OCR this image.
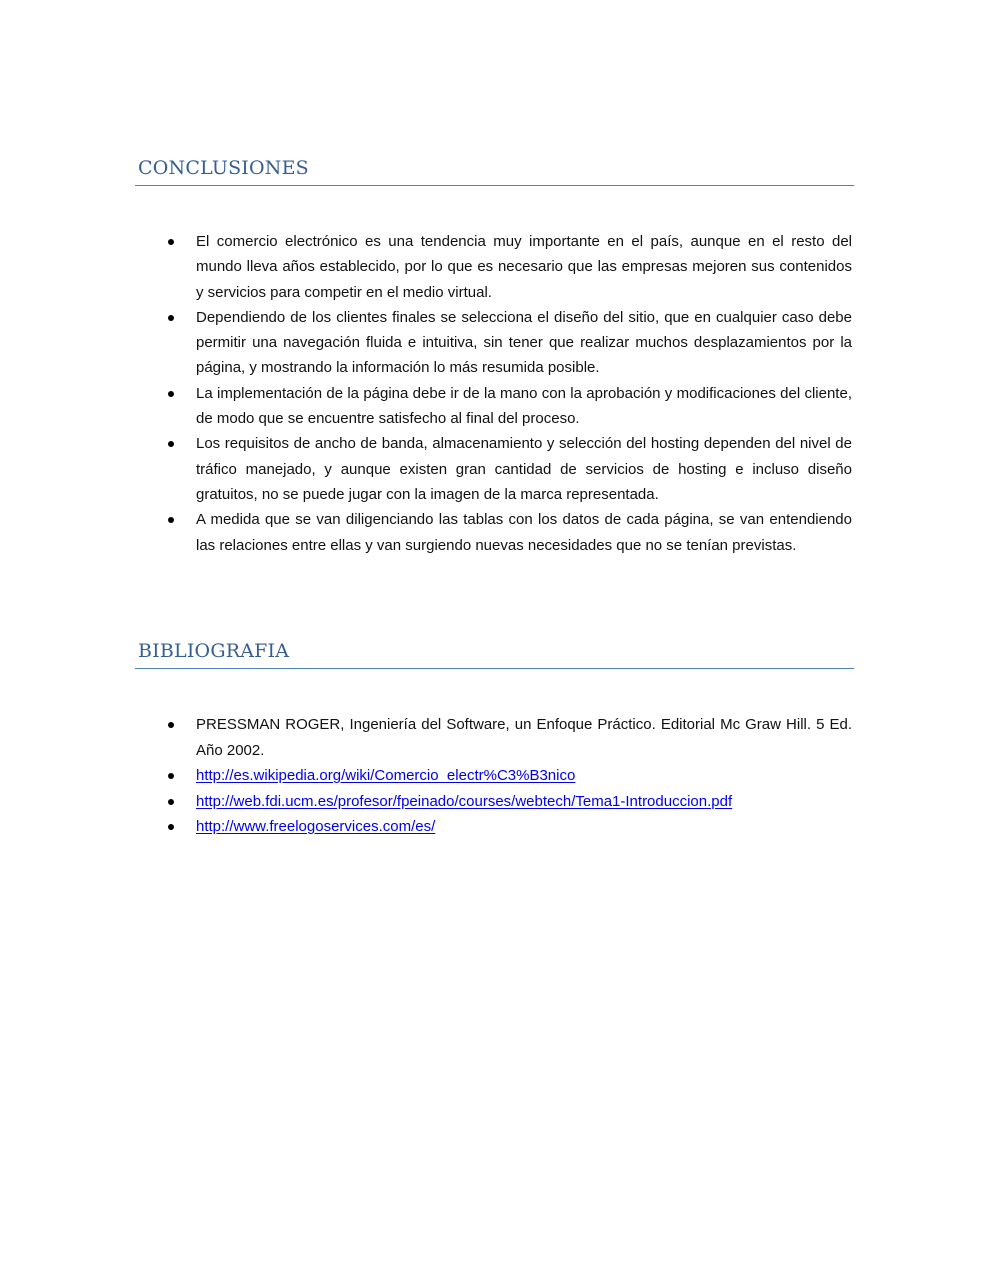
CONCLUSIONES
El comercio electrónico es una tendencia muy importante en el país, aunque en el resto del mundo lleva años establecido, por lo que es necesario que las empresas mejoren sus contenidos y servicios para competir en el medio virtual.
Dependiendo de los clientes finales se selecciona el diseño del sitio, que en cualquier caso debe permitir una navegación fluida e intuitiva, sin tener que realizar muchos desplazamientos por la página, y mostrando la información lo más resumida posible.
La implementación de la página debe ir de la mano con la aprobación y modificaciones del cliente, de modo que se encuentre satisfecho al final del proceso.
Los requisitos de ancho de banda, almacenamiento y selección del hosting dependen del nivel de tráfico manejado, y aunque existen gran cantidad de servicios de hosting e incluso diseño gratuitos, no se puede jugar con la imagen de la marca representada.
A medida que se van diligenciando las tablas con los datos de cada página, se van entendiendo las relaciones entre ellas y van surgiendo nuevas necesidades que no se tenían previstas.
BIBLIOGRAFIA
PRESSMAN ROGER, Ingeniería del Software, un Enfoque Práctico. Editorial Mc Graw Hill. 5 Ed. Año 2002.
http://es.wikipedia.org/wiki/Comercio_electr%C3%B3nico
http://web.fdi.ucm.es/profesor/fpeinado/courses/webtech/Tema1-Introduccion.pdf
http://www.freelogoservices.com/es/
